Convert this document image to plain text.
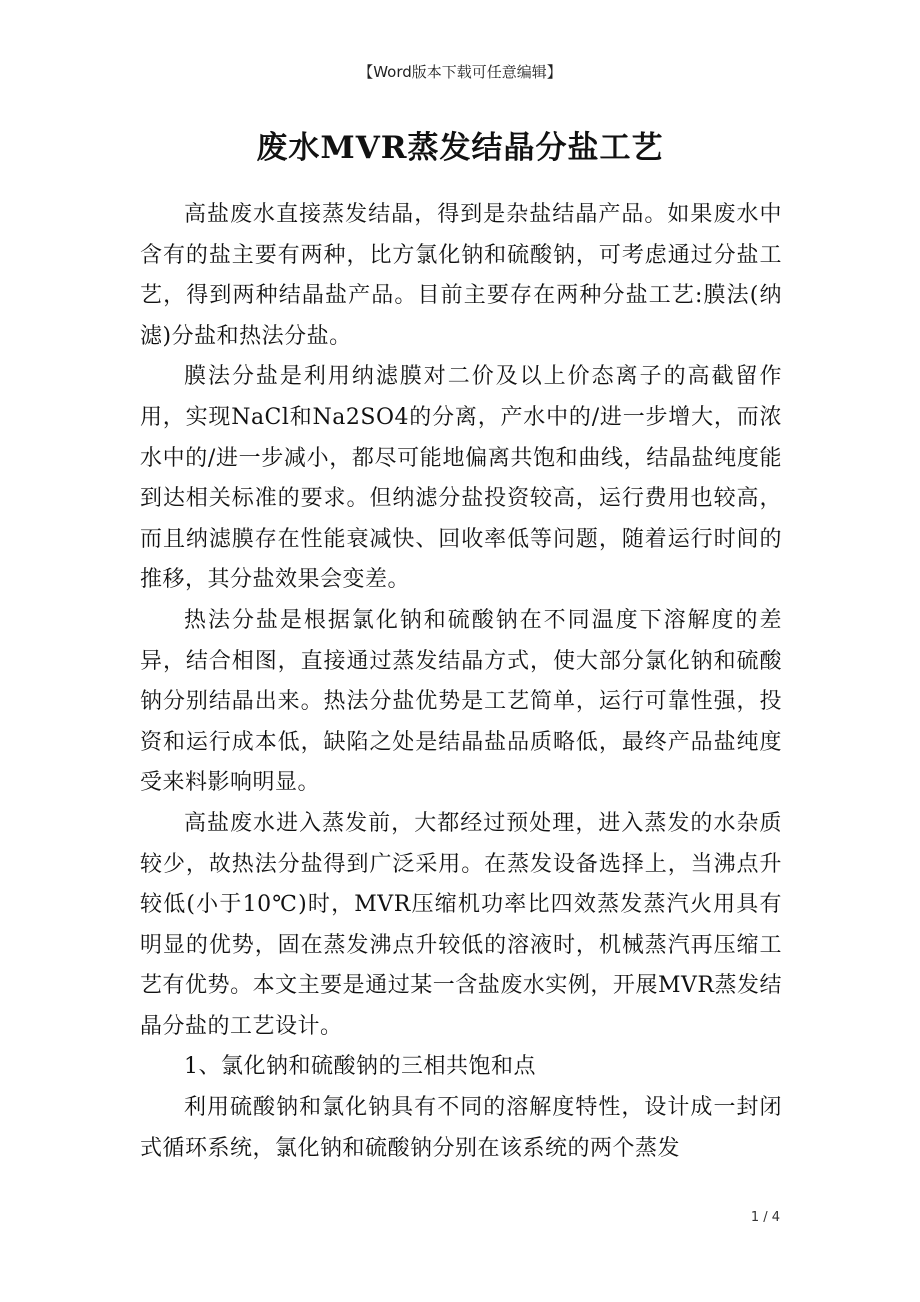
【Word版本下载可任意编辑】
废水MVR蒸发结晶分盐工艺

高盐废水直接蒸发结晶，得到是杂盐结晶产品。如果废水中含有的盐主要有两种，比方氯化钠和硫酸钠，可考虑通过分盐工艺，得到两种结晶盐产品。目前主要存在两种分盐工艺:膜法(纳滤)分盐和热法分盐。

膜法分盐是利用纳滤膜对二价及以上价态离子的高截留作用，实现NaCl和Na2SO4的分离，产水中的/进一步增大，而浓水中的/进一步减小，都尽可能地偏离共饱和曲线，结晶盐纯度能到达相关标准的要求。但纳滤分盐投资较高，运行费用也较高，而且纳滤膜存在性能衰减快、回收率低等问题，随着运行时间的推移，其分盐效果会变差。

热法分盐是根据氯化钠和硫酸钠在不同温度下溶解度的差异，结合相图，直接通过蒸发结晶方式，使大部分氯化钠和硫酸钠分别结晶出来。热法分盐优势是工艺简单，运行可靠性强，投资和运行成本低，缺陷之处是结晶盐品质略低，最终产品盐纯度受来料影响明显。

高盐废水进入蒸发前，大都经过预处理，进入蒸发的水杂质较少，故热法分盐得到广泛采用。在蒸发设备选择上，当沸点升较低(小于10℃)时，MVR压缩机功率比四效蒸发蒸汽火用具有明显的优势，固在蒸发沸点升较低的溶液时，机械蒸汽再压缩工艺有优势。本文主要是通过某一含盐废水实例，开展MVR蒸发结晶分盐的工艺设计。

1、氯化钠和硫酸钠的三相共饱和点

利用硫酸钠和氯化钠具有不同的溶解度特性，设计成一封闭式循环系统，氯化钠和硫酸钠分别在该系统的两个蒸发

1 / 4
